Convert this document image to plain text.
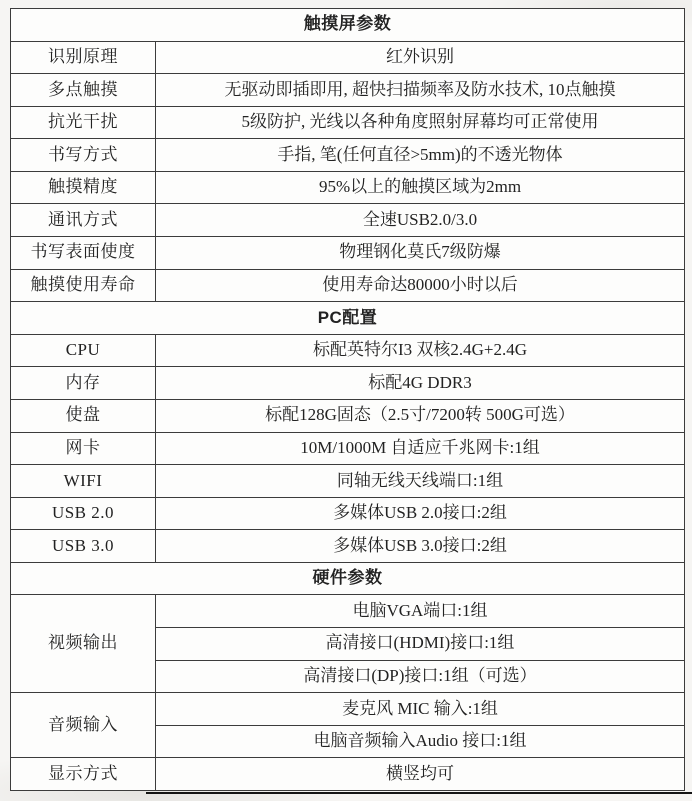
触摸屏参数	
识别原理	红外识别
多点触摸	无驱动即插即用, 超快扫描频率及防水技术, 10点触摸
抗光干扰	5级防护, 光线以各种角度照射屏幕均可正常使用
书写方式	手指, 笔(任何直径>5mm)的不透光物体
触摸精度	95%以上的触摸区域为2mm
通讯方式	全速USB2.0/3.0
书写表面使度	物理钢化莫氏7级防爆
触摸使用寿命	使用寿命达80000小时以后
PC配置	
CPU	标配英特尔I3 双核2.4G+2.4G
内存	标配4G DDR3
使盘	标配128G固态（2.5寸/7200转 500G可选）
网卡	10M/1000M 自适应千兆网卡:1组
WIFI	同轴无线天线端口:1组
USB 2.0	多媒体USB 2.0接口:2组
USB 3.0	多媒体USB 3.0接口:2组
硬件参数	
视频输出	电脑VGA端口:1组
	高清接口(HDMI)接口:1组
	高清接口(DP)接口:1组（可选）
音频输入	麦克风 MIC 输入:1组
	电脑音频输入Audio 接口:1组
显示方式	横竖均可
